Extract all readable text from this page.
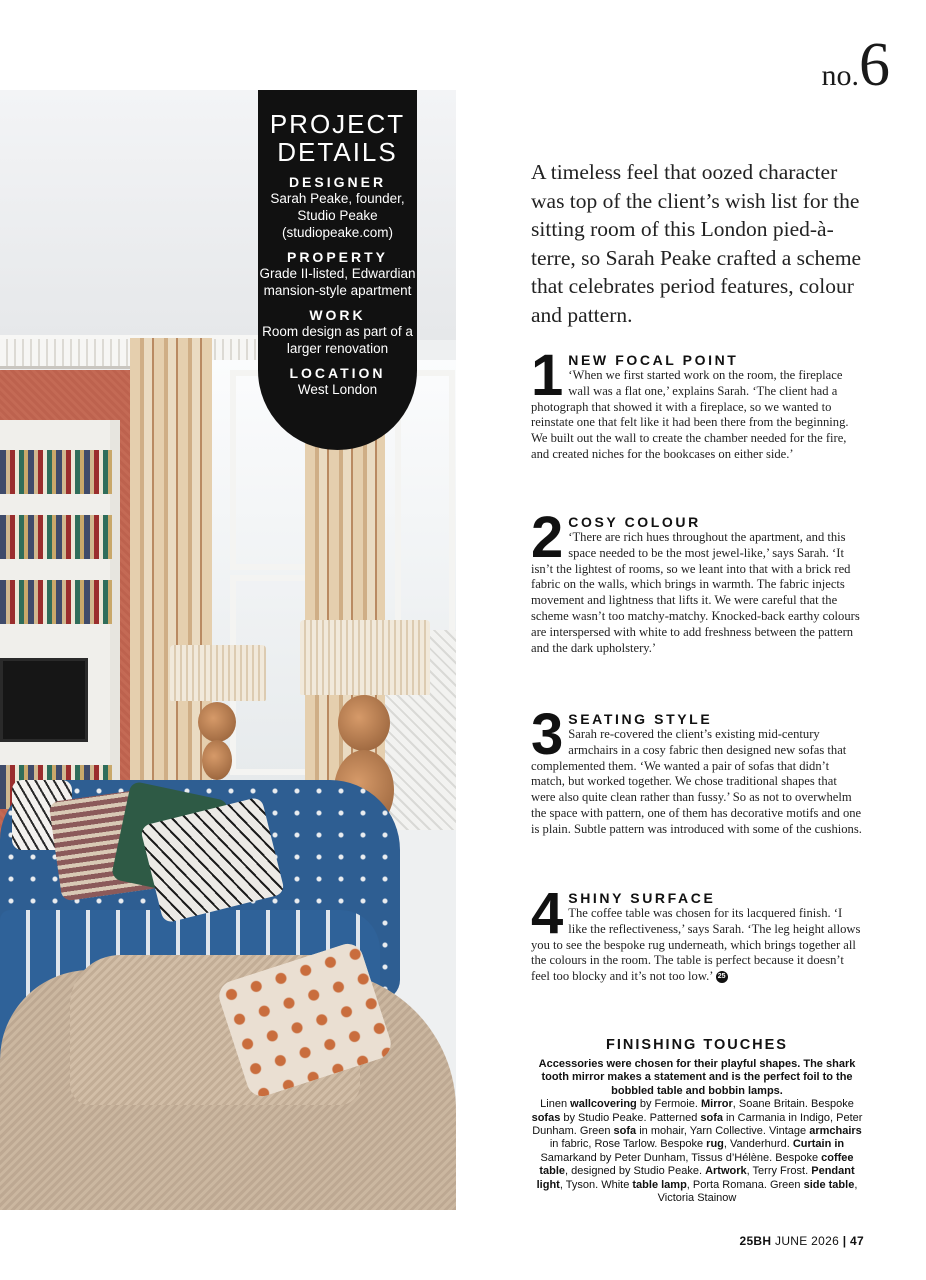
PROJECT
DETAILS
DESIGNER
Sarah Peake, founder, Studio Peake (studiopeake.com)
PROPERTY
Grade II-listed, Edwardian mansion-style apartment
WORK
Room design as part of a larger renovation
LOCATION
West London
no.6

A timeless feel that oozed character was top of the client’s wish list for the sitting room of this London pied-à-terre, so Sarah Peake crafted a scheme that celebrates period features, colour and pattern.

1 NEW FOCAL POINT
‘When we first started work on the room, the fireplace wall was a flat one,’ explains Sarah. ‘The client had a photograph that showed it with a fireplace, so we wanted to reinstate one that felt like it had been there from the beginning. We built out the wall to create the chamber needed for the fire, and created niches for the bookcases on either side.’
2 COSY COLOUR
‘There are rich hues throughout the apartment, and this space needed to be the most jewel-like,’ says Sarah. ‘It isn’t the lightest of rooms, so we leant into that with a brick red fabric on the walls, which brings in warmth. The fabric injects movement and lightness that lifts it. We were careful that the scheme wasn’t too matchy-matchy. Knocked-back earthy colours are interspersed with white to add freshness between the pattern and the dark upholstery.’
3 SEATING STYLE
Sarah re-covered the client’s existing mid-century armchairs in a cosy fabric then designed new sofas that complemented them. ‘We wanted a pair of sofas that didn’t match, but worked together. We chose traditional shapes that were also quite clean rather than fussy.’ So as not to overwhelm the space with pattern, one of them has decorative motifs and one is plain. Subtle pattern was introduced with some of the cushions.
4 SHINY SURFACE
The coffee table was chosen for its lacquered finish. ‘I like the reflectiveness,’ says Sarah. ‘The leg height allows you to see the bespoke rug underneath, which brings together all the colours in the room. The table is perfect because it doesn’t feel too blocky and it’s not too low.’ 25
FINISHING TOUCHES
Accessories were chosen for their playful shapes. The shark tooth mirror makes a statement and is the perfect foil to the bobbled table and bobbin lamps.
Linen wallcovering by Fermoie. Mirror, Soane Britain. Bespoke sofas by Studio Peake. Patterned sofa in Carmania in Indigo, Peter Dunham. Green sofa in mohair, Yarn Collective. Vintage armchairs in fabric, Rose Tarlow. Bespoke rug, Vanderhurd. Curtain in Samarkand by Peter Dunham, Tissus d’Hélène. Bespoke coffee table, designed by Studio Peake. Artwork, Terry Frost. Pendant light, Tyson. White table lamp, Porta Romana. Green side table, Victoria Stainow
25BH JUNE 2026 | 47
